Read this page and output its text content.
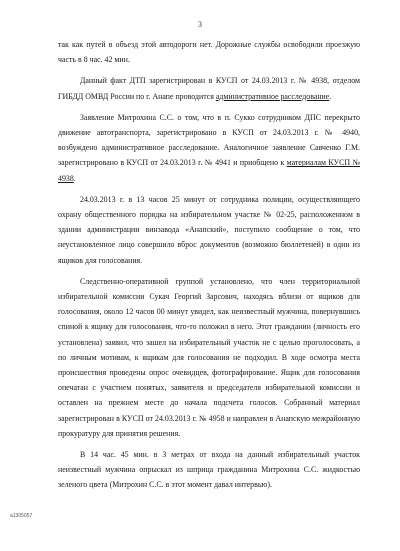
3

так как путей в объезд этой автодороги нет. Дорожные службы освободили проезжую часть в 8 час. 42 мин.

Данный факт ДТП зарегистрирован в КУСП от 24.03.2013 г. № 4938, отделом ГИБДД ОМВД России по г. Анапе проводится административное расследование.

Заявление Митрохина С.С. о том, что в п. Сукко сотрудником ДПС перекрыто движение автотранспорта, зарегистрировано в КУСП от 24.03.2013 г. № 4940, возбуждено административное расследование. Аналогичное заявление Савченко Г.М. зарегистрировано в КУСП от 24.03.2013 г. № 4941 и приобщено к материалам КУСП № 4938.

24.03.2013 г. в 13 часов 25 минут от сотрудника полиции, осуществляющего охрану общественного порядка на избирательном участке № 02-25, расположенном в здании администрации винзавода «Анапский», поступило сообщение о том, что неустановленное лицо совершило вброс документов (возможно бюллетеней) в один из ящиков для голосования.

Следственно-оперативной группой установлено, что член территориальной избирательной комиссии Сукач Георгий Зарсович, находясь вблизи от ящиков для голосования, около 12 часов 00 минут увидел, как неизвестный мужчина, повернувшись спиной к ящику для голосования, что-то положил в него. Этот гражданин (личность его установлена) заявил, что зашел на избирательный участок не с целью проголосовать, а по личным мотивам, к ящикам для голосования не подходил. В ходе осмотра места происшествия проведены опрос очевидцев, фотографирование. Ящик для голосования опечатан с участием понятых, заявителя и председателя избирательной комиссии и оставлен на прежнем месте до начала подсчета голосов. Собранный материал зарегистрирован в КУСП от 24.03.2013 г. № 4958 и направлен в Анапскую межрайонную прокуратуру для принятия решения.

В 14 час. 45 мин. в 3 метрах от входа на данный избирательный участок неизвестный мужчина опрыскал из шприца гражданина Митрохина С.С. жидкостью зеленого цвета (Митрохин С.С. в этот момент давал интервью).

а1305057
